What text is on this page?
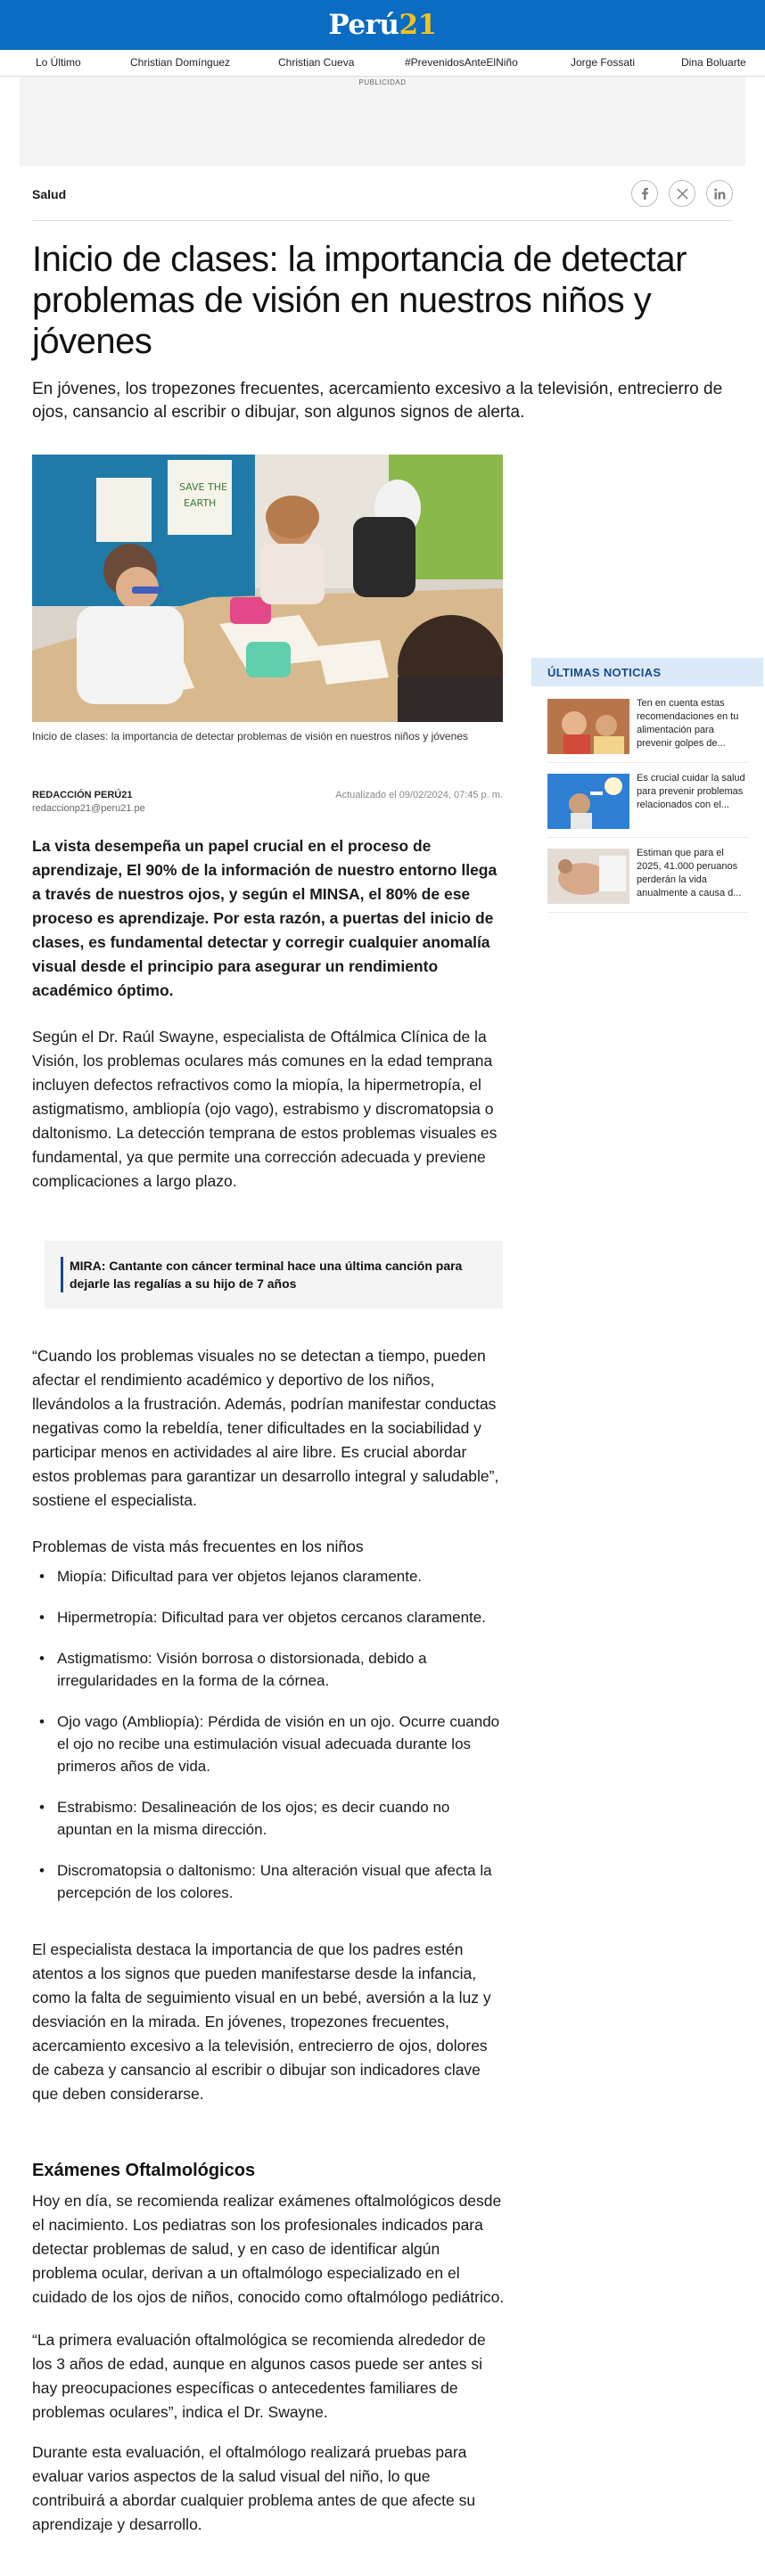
Perú21
Lo Último	Christian Domínguez	Christian Cueva	#PrevenidosAnteElNiño	Jorge Fossati	Dina Boluarte
PUBLICIDAD
Salud
Inicio de clases: la importancia de detectar problemas de visión en nuestros niños y jóvenes

En jóvenes, los tropezones frecuentes, acercamiento excesivo a la televisión, entrecierro de ojos, cansancio al escribir o dibujar, son algunos signos de alerta.

SAVE THE
EARTH
Inicio de clases: la importancia de detectar problemas de visión en nuestros niños y jóvenes
REDACCIÓN PERÚ21
redaccionp21@peru21.pe
Actualizado el 09/02/2024, 07:45 p. m.

La vista desempeña un papel crucial en el proceso de aprendizaje, El 90% de la información de nuestro entorno llega a través de nuestros ojos, y según el MINSA, el 80% de ese proceso es aprendizaje. Por esta razón, a puertas del inicio de clases, es fundamental detectar y corregir cualquier anomalía visual desde el principio para asegurar un rendimiento académico óptimo.

Según el Dr. Raúl Swayne, especialista de Oftálmica Clínica de la Visión, los problemas oculares más comunes en la edad temprana incluyen defectos refractivos como la miopía, la hipermetropía, el astigmatismo, ambliopía (ojo vago), estrabismo y discromatopsia o daltonismo. La detección temprana de estos problemas visuales es fundamental, ya que permite una corrección adecuada y previene complicaciones a largo plazo.

MIRA: Cantante con cáncer terminal hace una última canción para dejarle las regalías a su hijo de 7 años

“Cuando los problemas visuales no se detectan a tiempo, pueden afectar el rendimiento académico y deportivo de los niños, llevándolos a la frustración. Además, podrían manifestar conductas negativas como la rebeldía, tener dificultades en la sociabilidad y participar menos en actividades al aire libre. Es crucial abordar estos problemas para garantizar un desarrollo integral y saludable”, sostiene el especialista.

Problemas de vista más frecuentes en los niños

• Miopía: Dificultad para ver objetos lejanos claramente.
• Hipermetropía: Dificultad para ver objetos cercanos claramente.
• Astigmatismo: Visión borrosa o distorsionada, debido a irregularidades en la forma de la córnea.
• Ojo vago (Ambliopía): Pérdida de visión en un ojo. Ocurre cuando el ojo no recibe una estimulación visual adecuada durante los primeros años de vida.
• Estrabismo: Desalineación de los ojos; es decir cuando no apuntan en la misma dirección.
• Discromatopsia o daltonismo: Una alteración visual que afecta la percepción de los colores.

El especialista destaca la importancia de que los padres estén atentos a los signos que pueden manifestarse desde la infancia, como la falta de seguimiento visual en un bebé, aversión a la luz y desviación en la mirada. En jóvenes, tropezones frecuentes, acercamiento excesivo a la televisión, entrecierro de ojos, dolores de cabeza y cansancio al escribir o dibujar son indicadores clave que deben considerarse.

Exámenes Oftalmológicos

Hoy en día, se recomienda realizar exámenes oftalmológicos desde el nacimiento. Los pediatras son los profesionales indicados para detectar problemas de salud, y en caso de identificar algún problema ocular, derivan a un oftalmólogo especializado en el cuidado de los ojos de niños, conocido como oftalmólogo pediátrico.

“La primera evaluación oftalmológica se recomienda alrededor de los 3 años de edad, aunque en algunos casos puede ser antes si hay preocupaciones específicas o antecedentes familiares de problemas oculares”, indica el Dr. Swayne.

Durante esta evaluación, el oftalmólogo realizará pruebas para evaluar varios aspectos de la salud visual del niño, lo que contribuirá a abordar cualquier problema antes de que afecte su aprendizaje y desarrollo.

ÚLTIMAS NOTICIAS
Ten en cuenta estas recomendaciones en tu alimentación para prevenir golpes de...
Es crucial cuidar la salud para prevenir problemas relacionados con el...
Estiman que para el 2025, 41.000 peruanos perderán la vida anualmente a causa d...
